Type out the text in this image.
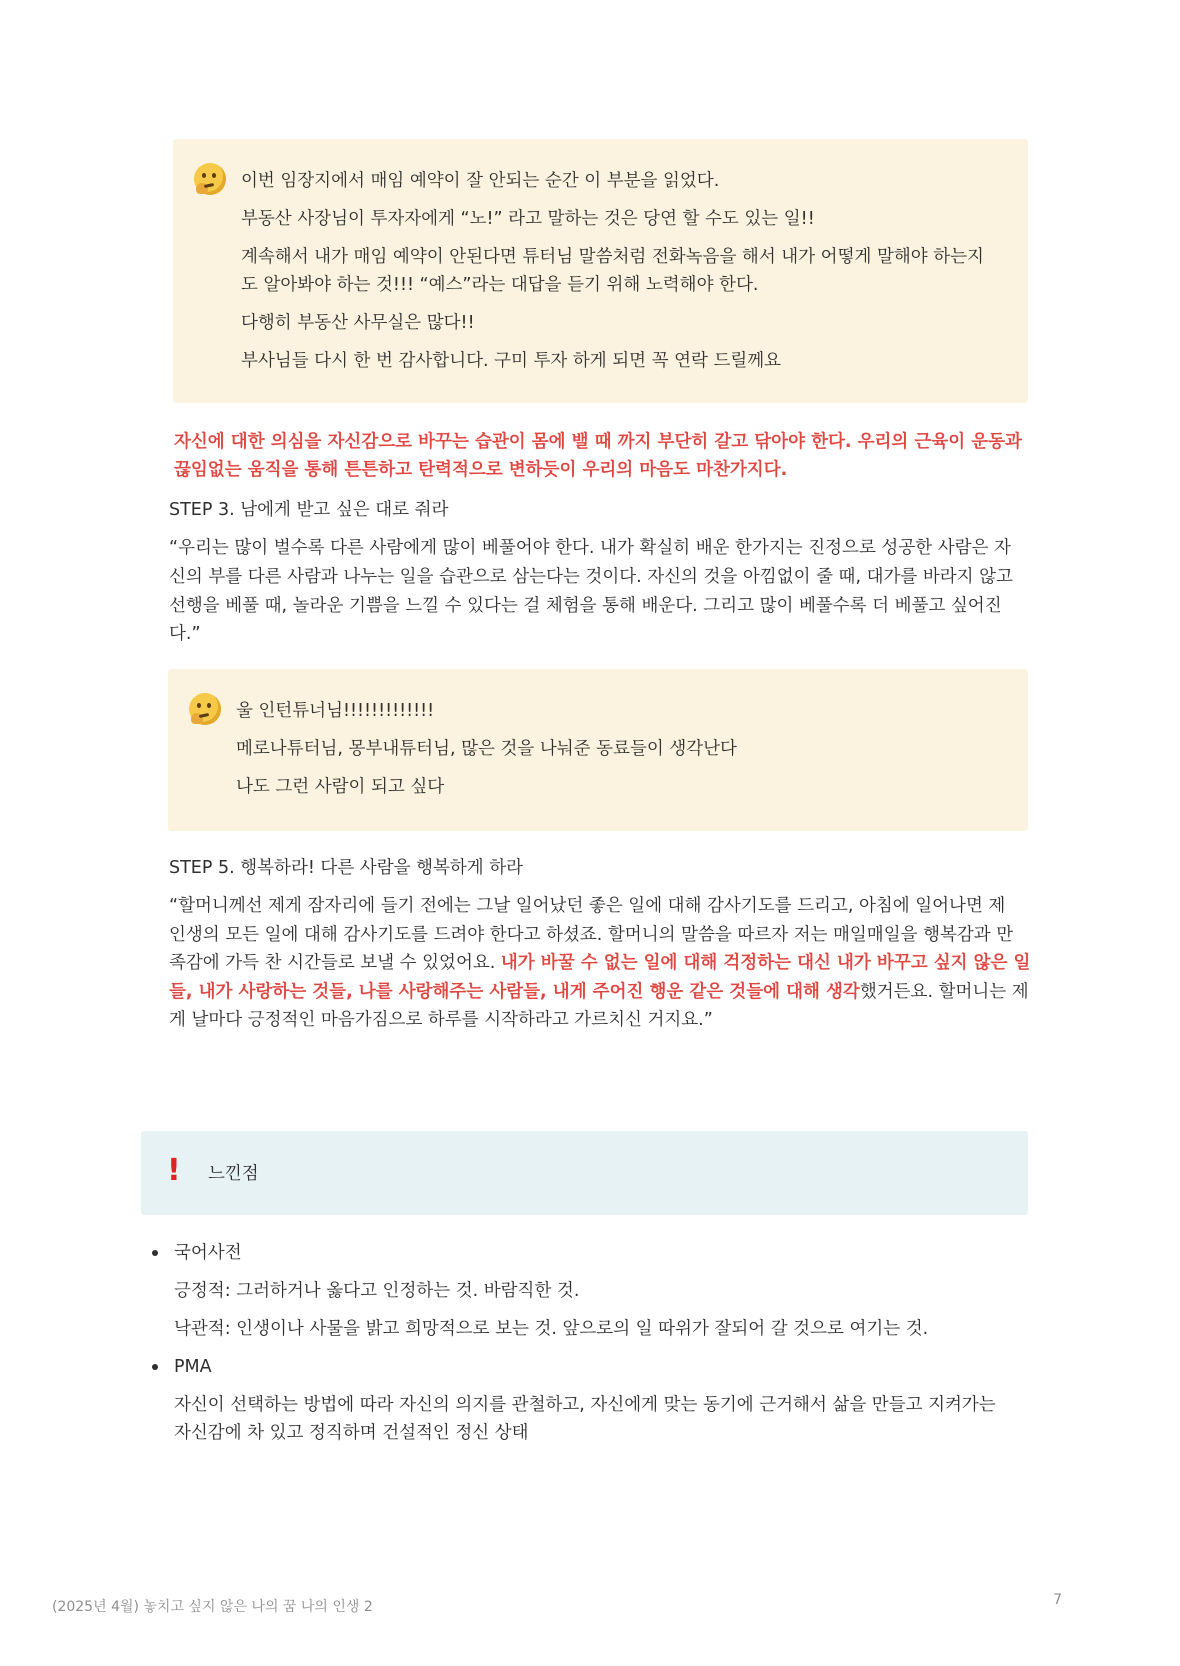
이번 임장지에서 매임 예약이 잘 안되는 순간 이 부분을 읽었다.
부동산 사장님이 투자자에게 “노!” 라고 말하는 것은 당연 할 수도 있는 일!!
계속해서 내가 매임 예약이 안된다면 튜터님 말씀처럼 전화녹음을 해서 내가 어떻게 말해야 하는지
도 알아봐야 하는 것!!! “예스”라는 대답을 듣기 위해 노력해야 한다.
다행히 부동산 사무실은 많다!!
부사님들 다시 한 번 감사합니다. 구미 투자 하게 되면 꼭 연락 드릴께요
자신에 대한 의심을 자신감으로 바꾸는 습관이 몸에 밸 때 까지 부단히 갈고 닦아야 한다. 우리의 근육이 운동과
끊임없는 움직을 통해 튼튼하고 탄력적으로 변하듯이 우리의 마음도 마찬가지다.
STEP 3. 남에게 받고 싶은 대로 줘라
“우리는 많이 벌수록 다른 사람에게 많이 베풀어야 한다. 내가 확실히 배운 한가지는 진정으로 성공한 사람은 자
신의 부를 다른 사람과 나누는 일을 습관으로 삼는다는 것이다. 자신의 것을 아낌없이 줄 때, 대가를 바라지 않고
선행을 베풀 때, 놀라운 기쁨을 느낄 수 있다는 걸 체험을 통해 배운다. 그리고 많이 베풀수록 더 베풀고 싶어진
다.”
울 인턴튜너님!!!!!!!!!!!!!
메로나튜터님, 몽부내튜터님, 많은 것을 나눠준 동료들이 생각난다
나도 그런 사람이 되고 싶다
STEP 5. 행복하라! 다른 사람을 행복하게 하라
“할머니께선 제게 잠자리에 들기 전에는 그날 일어났던 좋은 일에 대해 감사기도를 드리고, 아침에 일어나면 제
인생의 모든 일에 대해 감사기도를 드려야 한다고 하셨죠. 할머니의 말씀을 따르자 저는 매일매일을 행복감과 만
족감에 가득 찬 시간들로 보낼 수 있었어요. 내가 바꿀 수 없는 일에 대해 걱정하는 대신 내가 바꾸고 싶지 않은 일
들, 내가 사랑하는 것들, 나를 사랑해주는 사람들, 내게 주어진 행운 같은 것들에 대해 생각했거든요. 할머니는 제
게 날마다 긍정적인 마음가짐으로 하루를 시작하라고 가르치신 거지요.”
! 느낀점
국어사전
긍정적: 그러하거나 옳다고 인정하는 것. 바람직한 것.
낙관적: 인생이나 사물을 밝고 희망적으로 보는 것. 앞으로의 일 따위가 잘되어 갈 것으로 여기는 것.
PMA
자신이 선택하는 방법에 따라 자신의 의지를 관철하고, 자신에게 맞는 동기에 근거해서 삶을 만들고 지켜가는
자신감에 차 있고 정직하며 건설적인 정신 상태
(2025년 4월) 놓치고 싶지 않은 나의 꿈 나의 인생 2	7
